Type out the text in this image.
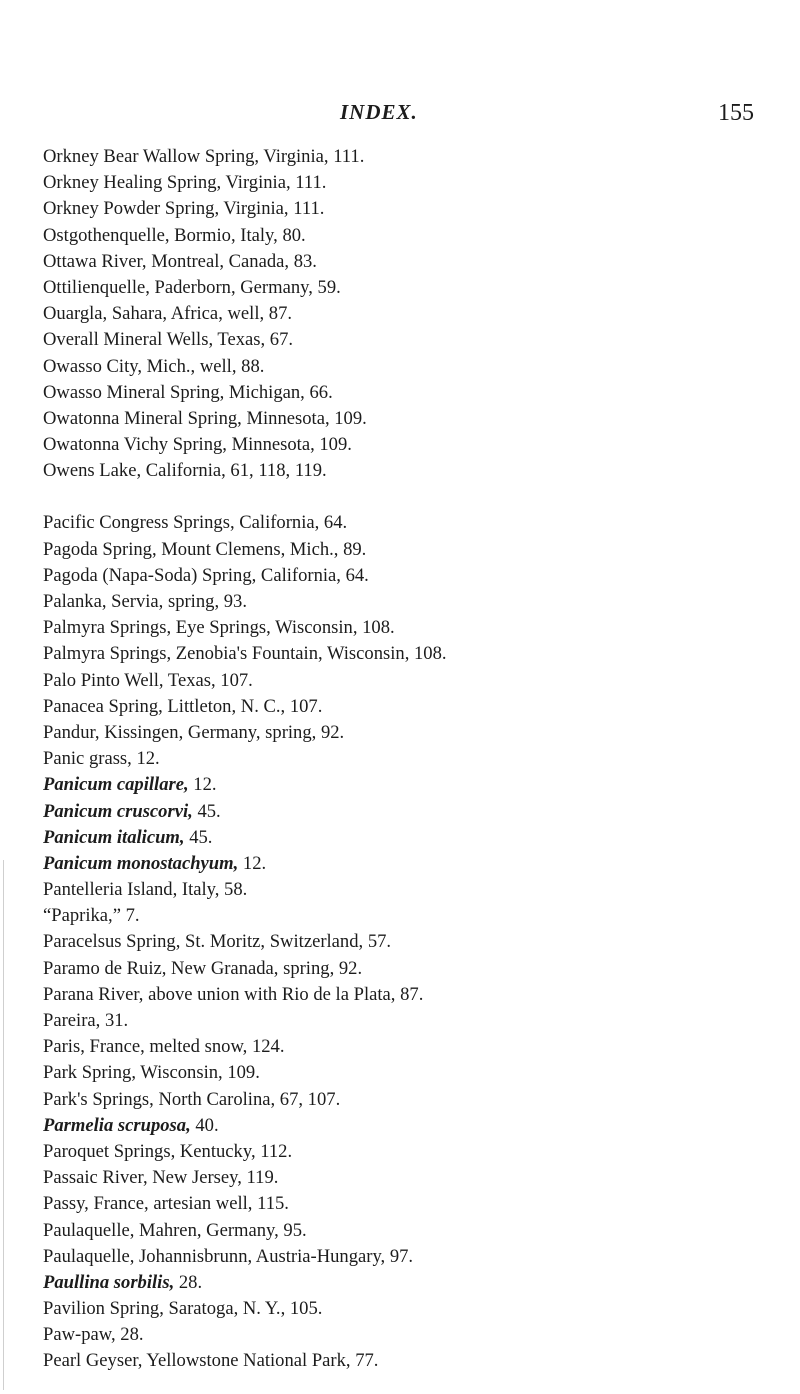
INDEX.	155
Orkney Bear Wallow Spring, Virginia, 111.
Orkney Healing Spring, Virginia, 111.
Orkney Powder Spring, Virginia, 111.
Ostgothenquelle, Bormio, Italy, 80.
Ottawa River, Montreal, Canada, 83.
Ottilienquelle, Paderborn, Germany, 59.
Ouargla, Sahara, Africa, well, 87.
Overall Mineral Wells, Texas, 67.
Owasso City, Mich., well, 88.
Owasso Mineral Spring, Michigan, 66.
Owatonna Mineral Spring, Minnesota, 109.
Owatonna Vichy Spring, Minnesota, 109.
Owens Lake, California, 61, 118, 119.
Pacific Congress Springs, California, 64.
Pagoda Spring, Mount Clemens, Mich., 89.
Pagoda (Napa-Soda) Spring, California, 64.
Palanka, Servia, spring, 93.
Palmyra Springs, Eye Springs, Wisconsin, 108.
Palmyra Springs, Zenobia's Fountain, Wisconsin, 108.
Palo Pinto Well, Texas, 107.
Panacea Spring, Littleton, N. C., 107.
Pandur, Kissingen, Germany, spring, 92.
Panic grass, 12.
Panicum capillare, 12.
Panicum cruscorvi, 45.
Panicum italicum, 45.
Panicum monostachyum, 12.
Pantelleria Island, Italy, 58.
“Paprika,” 7.
Paracelsus Spring, St. Moritz, Switzerland, 57.
Paramo de Ruiz, New Granada, spring, 92.
Parana River, above union with Rio de la Plata, 87.
Pareira, 31.
Paris, France, melted snow, 124.
Park Spring, Wisconsin, 109.
Park's Springs, North Carolina, 67, 107.
Parmelia scruposa, 40.
Paroquet Springs, Kentucky, 112.
Passaic River, New Jersey, 119.
Passy, France, artesian well, 115.
Paulaquelle, Mahren, Germany, 95.
Paulaquelle, Johannisbrunn, Austria-Hungary, 97.
Paullina sorbilis, 28.
Pavilion Spring, Saratoga, N. Y., 105.
Paw-paw, 28.
Pearl Geyser, Yellowstone National Park, 77.
